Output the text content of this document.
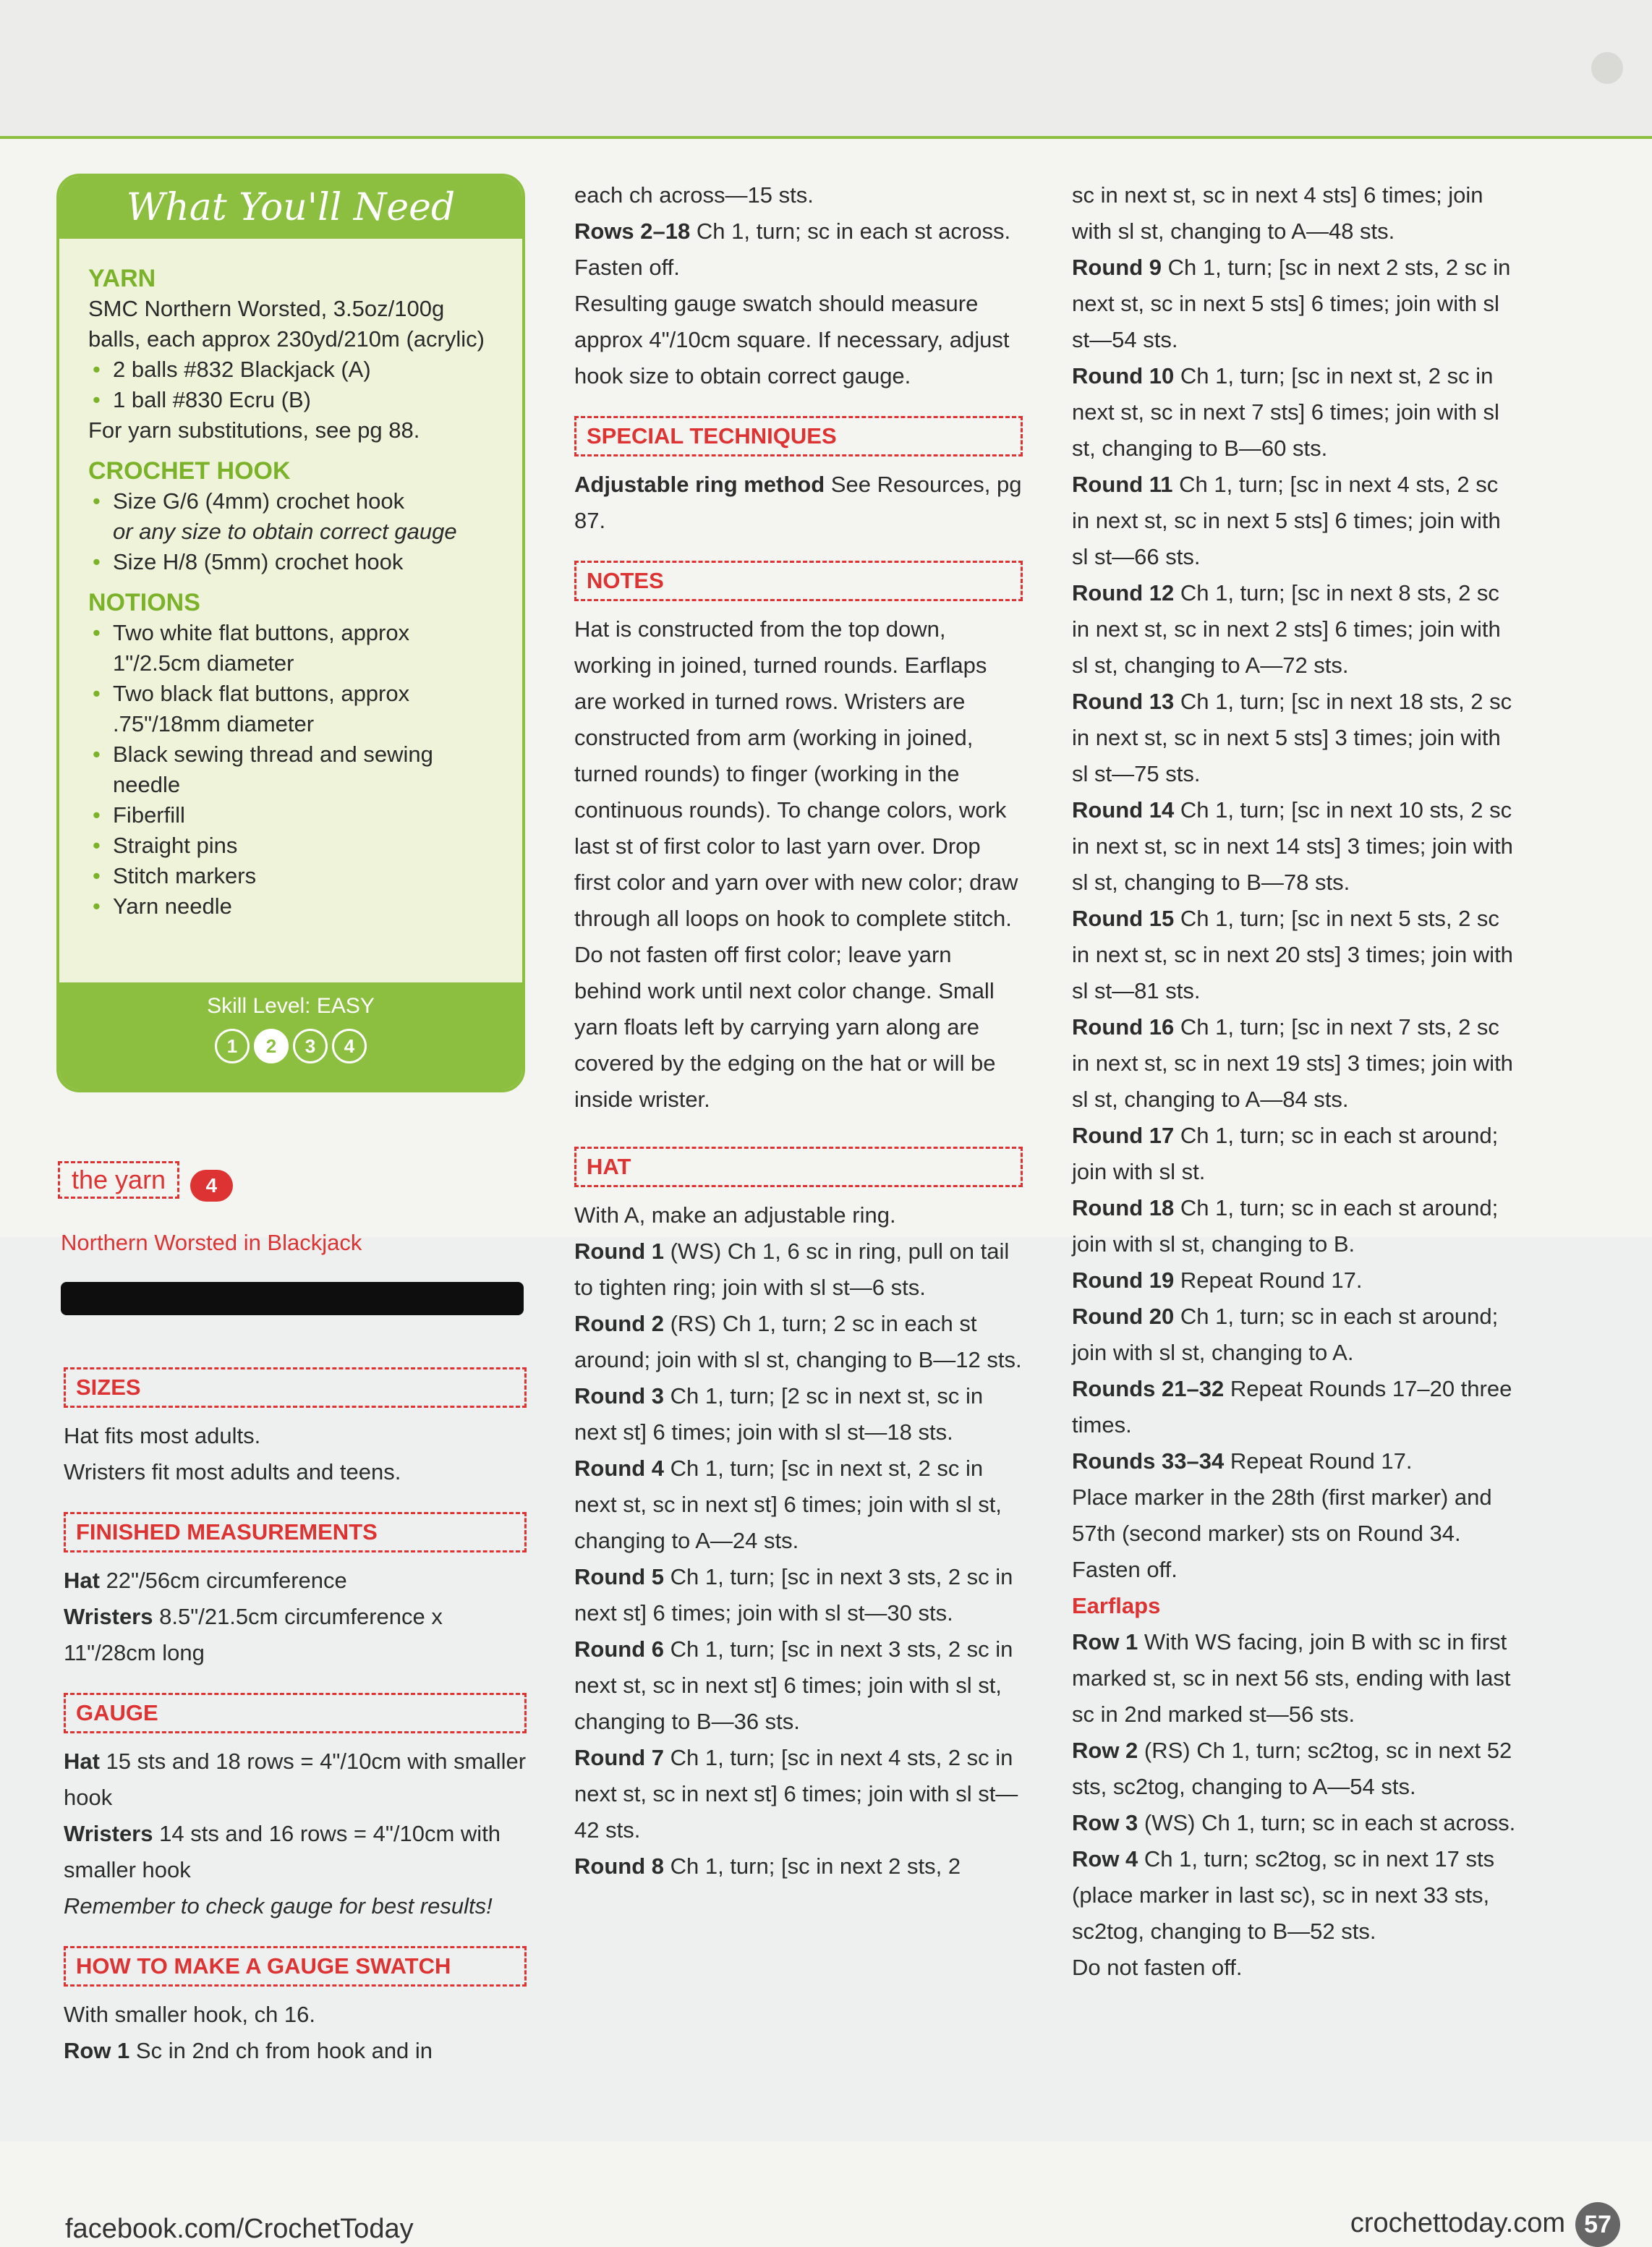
What You'll Need
YARN
SMC Northern Worsted, 3.5oz/100g balls, each approx 230yd/210m (acrylic)
• 2 balls #832 Blackjack (A)
• 1 ball #830 Ecru (B)
For yarn substitutions, see pg 88.
CROCHET HOOK
• Size G/6 (4mm) crochet hook
or any size to obtain correct gauge
• Size H/8 (5mm) crochet hook
NOTIONS
• Two white flat buttons, approx 1"/2.5cm diameter
• Two black flat buttons, approx .75"/18mm diameter
• Black sewing thread and sewing needle
• Fiberfill
• Straight pins
• Stitch markers
• Yarn needle
Skill Level: EASY
1 2 3 4
the yarn 4
Northern Worsted in Blackjack
SIZES

Hat fits most adults.

Wristers fit most adults and teens.

FINISHED MEASUREMENTS

Hat 22"/56cm circumference

Wristers 8.5"/21.5cm circumference x 11"/28cm long

GAUGE

Hat 15 sts and 18 rows = 4"/10cm with smaller hook

Wristers 14 sts and 16 rows = 4"/10cm with smaller hook

Remember to check gauge for best results!

HOW TO MAKE A GAUGE SWATCH

With smaller hook, ch 16.

Row 1 Sc in 2nd ch from hook and in

each ch across—15 sts.

Rows 2–18 Ch 1, turn; sc in each st across.

Fasten off.

Resulting gauge swatch should measure approx 4"/10cm square. If necessary, adjust hook size to obtain correct gauge.

SPECIAL TECHNIQUES

Adjustable ring method See Resources, pg 87.

NOTES

Hat is constructed from the top down, working in joined, turned rounds. Earflaps are worked in turned rows. Wristers are constructed from arm (working in joined, turned rounds) to finger (working in the continuous rounds). To change colors, work last st of first color to last yarn over. Drop first color and yarn over with new color; draw through all loops on hook to complete stitch. Do not fasten off first color; leave yarn behind work until next color change. Small yarn floats left by carrying yarn along are covered by the edging on the hat or will be inside wrister.

HAT

With A, make an adjustable ring.

Round 1 (WS) Ch 1, 6 sc in ring, pull on tail to tighten ring; join with sl st—6 sts.

Round 2 (RS) Ch 1, turn; 2 sc in each st around; join with sl st, changing to B—12 sts.

Round 3 Ch 1, turn; [2 sc in next st, sc in next st] 6 times; join with sl st—18 sts.

Round 4 Ch 1, turn; [sc in next st, 2 sc in next st, sc in next st] 6 times; join with sl st, changing to A—24 sts.

Round 5 Ch 1, turn; [sc in next 3 sts, 2 sc in next st] 6 times; join with sl st—30 sts.

Round 6 Ch 1, turn; [sc in next 3 sts, 2 sc in next st, sc in next st] 6 times; join with sl st, changing to B—36 sts.

Round 7 Ch 1, turn; [sc in next 4 sts, 2 sc in next st, sc in next st] 6 times; join with sl st—42 sts.

Round 8 Ch 1, turn; [sc in next 2 sts, 2

sc in next st, sc in next 4 sts] 6 times; join with sl st, changing to A—48 sts.

Round 9 Ch 1, turn; [sc in next 2 sts, 2 sc in next st, sc in next 5 sts] 6 times; join with sl st—54 sts.

Round 10 Ch 1, turn; [sc in next st, 2 sc in next st, sc in next 7 sts] 6 times; join with sl st, changing to B—60 sts.

Round 11 Ch 1, turn; [sc in next 4 sts, 2 sc in next st, sc in next 5 sts] 6 times; join with sl st—66 sts.

Round 12 Ch 1, turn; [sc in next 8 sts, 2 sc in next st, sc in next 2 sts] 6 times; join with sl st, changing to A—72 sts.

Round 13 Ch 1, turn; [sc in next 18 sts, 2 sc in next st, sc in next 5 sts] 3 times; join with sl st—75 sts.

Round 14 Ch 1, turn; [sc in next 10 sts, 2 sc in next st, sc in next 14 sts] 3 times; join with sl st, changing to B—78 sts.

Round 15 Ch 1, turn; [sc in next 5 sts, 2 sc in next st, sc in next 20 sts] 3 times; join with sl st—81 sts.

Round 16 Ch 1, turn; [sc in next 7 sts, 2 sc in next st, sc in next 19 sts] 3 times; join with sl st, changing to A—84 sts.

Round 17 Ch 1, turn; sc in each st around; join with sl st.

Round 18 Ch 1, turn; sc in each st around; join with sl st, changing to B.

Round 19 Repeat Round 17.

Round 20 Ch 1, turn; sc in each st around; join with sl st, changing to A.

Rounds 21–32 Repeat Rounds 17–20 three times.

Rounds 33–34 Repeat Round 17.

Place marker in the 28th (first marker) and 57th (second marker) sts on Round 34.

Fasten off.

Earflaps

Row 1 With WS facing, join B with sc in first marked st, sc in next 56 sts, ending with last sc in 2nd marked st—56 sts.

Row 2 (RS) Ch 1, turn; sc2tog, sc in next 52 sts, sc2tog, changing to A—54 sts.

Row 3 (WS) Ch 1, turn; sc in each st across.

Row 4 Ch 1, turn; sc2tog, sc in next 17 sts (place marker in last sc), sc in next 33 sts, sc2tog, changing to B—52 sts.

Do not fasten off.

facebook.com/CrochetToday	crochettoday.com 57
